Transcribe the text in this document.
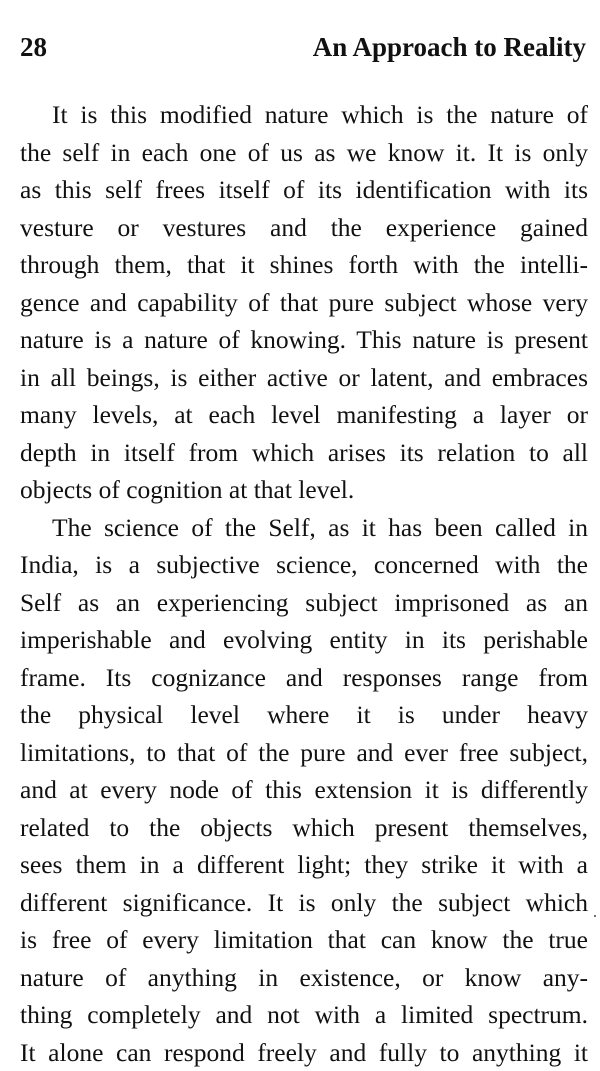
28	An Approach to Reality
It is this modified nature which is the nature of
the self in each one of us as we know it. It is only
as this self frees itself of its identification with its
vesture or vestures and the experience gained
through them, that it shines forth with the intelli-
gence and capability of that pure subject whose very
nature is a nature of knowing. This nature is present
in all beings, is either active or latent, and embraces
many levels, at each level manifesting a layer or
depth in itself from which arises its relation to all
objects of cognition at that level.
The science of the Self, as it has been called in
India, is a subjective science, concerned with the
Self as an experiencing subject imprisoned as an
imperishable and evolving entity in its perishable
frame. Its cognizance and responses range from
the physical level where it is under heavy
limitations, to that of the pure and ever free subject,
and at every node of this extension it is differently
related to the objects which present themselves,
sees them in a different light; they strike it with a
different significance. It is only the subject which
is free of every limitation that can know the true
nature of anything in existence, or know any-
thing completely and not with a limited spectrum.
It alone can respond freely and fully to anything it
